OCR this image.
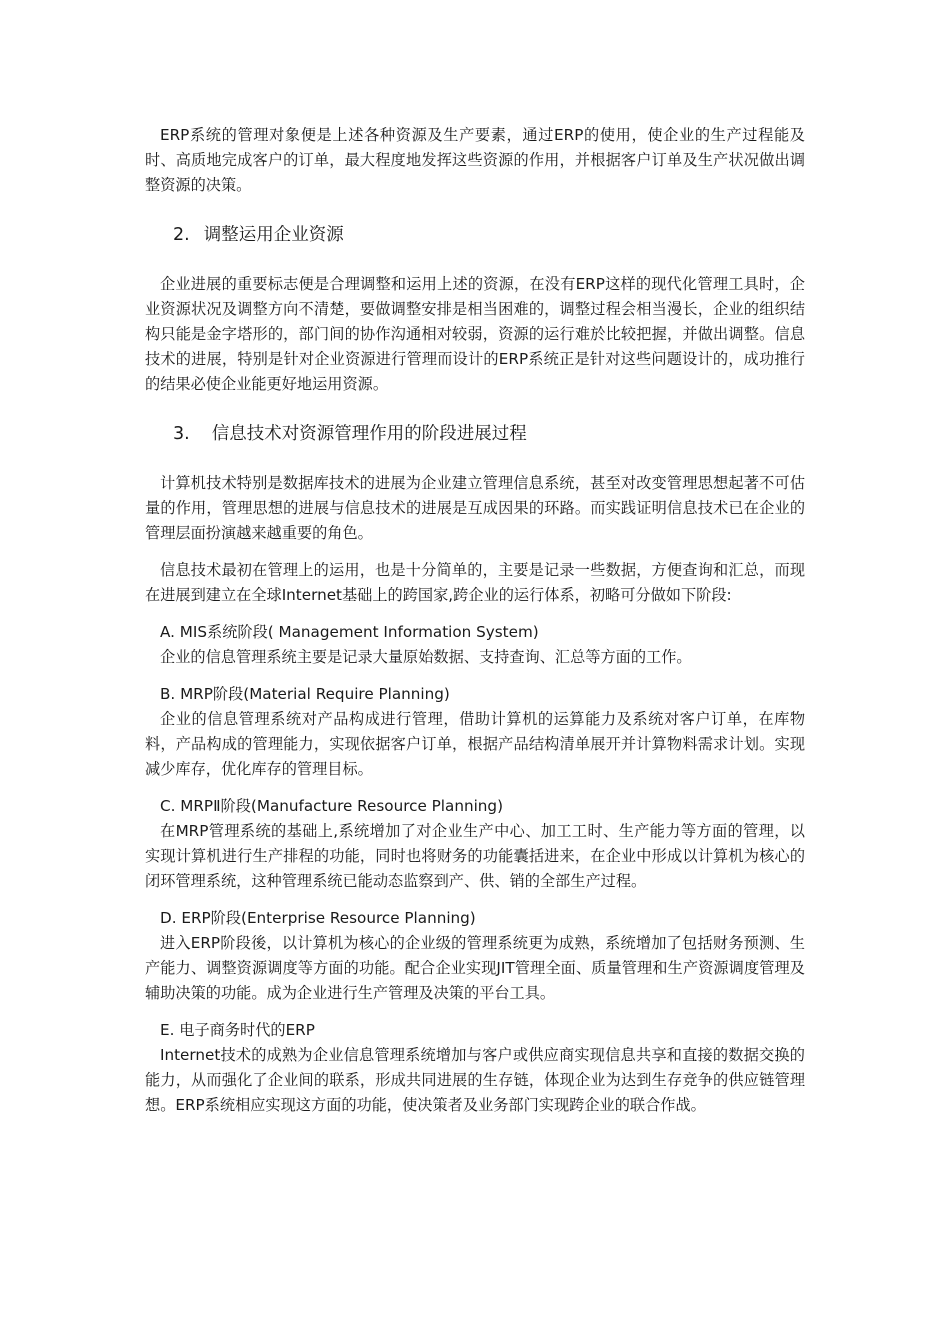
ERP系统的管理对象便是上述各种资源及生产要素，通过ERP的使用，使企业的生产过程能及时、高质地完成客户的订单，最大程度地发挥这些资源的作用，并根据客户订单及生产状况做出调整资源的决策。

2. 调整运用企业资源

企业进展的重要标志便是合理调整和运用上述的资源，在没有ERP这样的现代化管理工具时，企业资源状况及调整方向不清楚，要做调整安排是相当困难的，调整过程会相当漫长，企业的组织结构只能是金字塔形的，部门间的协作沟通相对较弱，资源的运行难於比较把握，并做出调整。信息技术的进展，特别是针对企业资源进行管理而设计的ERP系统正是针对这些问题设计的，成功推行的结果必使企业能更好地运用资源。

3. 信息技术对资源管理作用的阶段进展过程

计算机技术特别是数据库技术的进展为企业建立管理信息系统，甚至对改变管理思想起著不可估量的作用，管理思想的进展与信息技术的进展是互成因果的环路。而实践证明信息技术已在企业的管理层面扮演越来越重要的角色。

信息技术最初在管理上的运用，也是十分简单的，主要是记录一些数据，方便查询和汇总，而现在进展到建立在全球Internet基础上的跨国家,跨企业的运行体系，初略可分做如下阶段:

A. MIS系统阶段( Management Information System)

企业的信息管理系统主要是记录大量原始数据、支持查询、汇总等方面的工作。

B. MRP阶段(Material Require Planning)

企业的信息管理系统对产品构成进行管理，借助计算机的运算能力及系统对客户订单，在库物料，产品构成的管理能力，实现依据客户订单，根据产品结构清单展开并计算物料需求计划。实现减少库存，优化库存的管理目标。

C. MRPⅡ阶段(Manufacture Resource Planning)

在MRP管理系统的基础上,系统增加了对企业生产中心、加工工时、生产能力等方面的管理，以实现计算机进行生产排程的功能，同时也将财务的功能囊括进来，在企业中形成以计算机为核心的闭环管理系统，这种管理系统已能动态监察到产、供、销的全部生产过程。

D. ERP阶段(Enterprise Resource Planning)

进入ERP阶段後，以计算机为核心的企业级的管理系统更为成熟，系统增加了包括财务预测、生产能力、调整资源调度等方面的功能。配合企业实现JIT管理全面、质量管理和生产资源调度管理及辅助决策的功能。成为企业进行生产管理及决策的平台工具。

E. 电子商务时代的ERP

Internet技术的成熟为企业信息管理系统增加与客户或供应商实现信息共享和直接的数据交换的能力，从而强化了企业间的联系，形成共同进展的生存链，体现企业为达到生存竞争的供应链管理想。ERP系统相应实现这方面的功能，使决策者及业务部门实现跨企业的联合作战。
